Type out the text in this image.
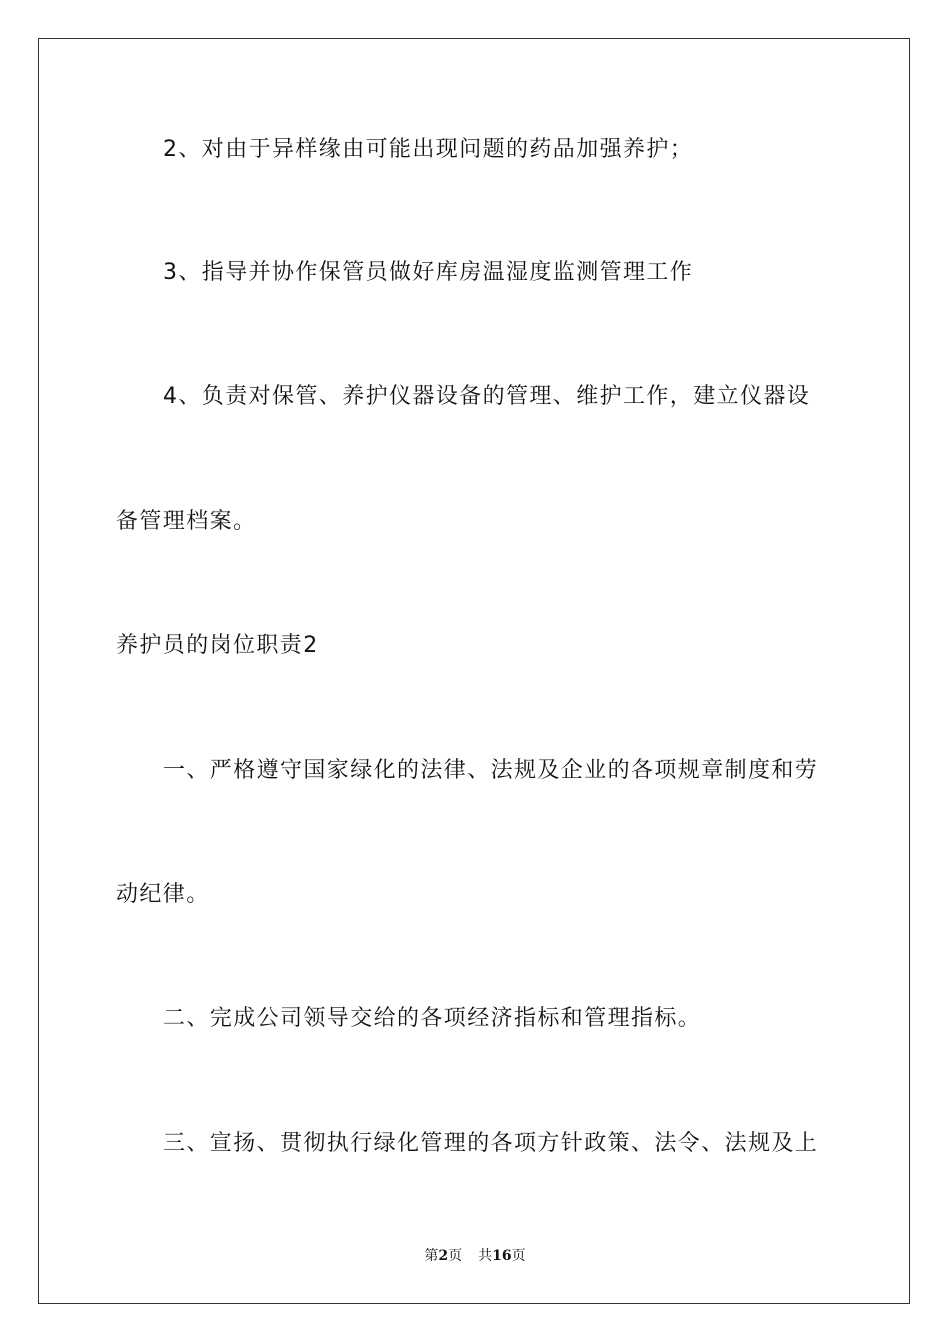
2、对由于异样缘由可能出现问题的药品加强养护；
3、指导并协作保管员做好库房温湿度监测管理工作
4、负责对保管、养护仪器设备的管理、维护工作，建立仪器设
备管理档案。
养护员的岗位职责2
一、严格遵守国家绿化的法律、法规及企业的各项规章制度和劳
动纪律。
二、完成公司领导交给的各项经济指标和管理指标。
三、宣扬、贯彻执行绿化管理的各项方针政策、法令、法规及上
第2页 共16页
